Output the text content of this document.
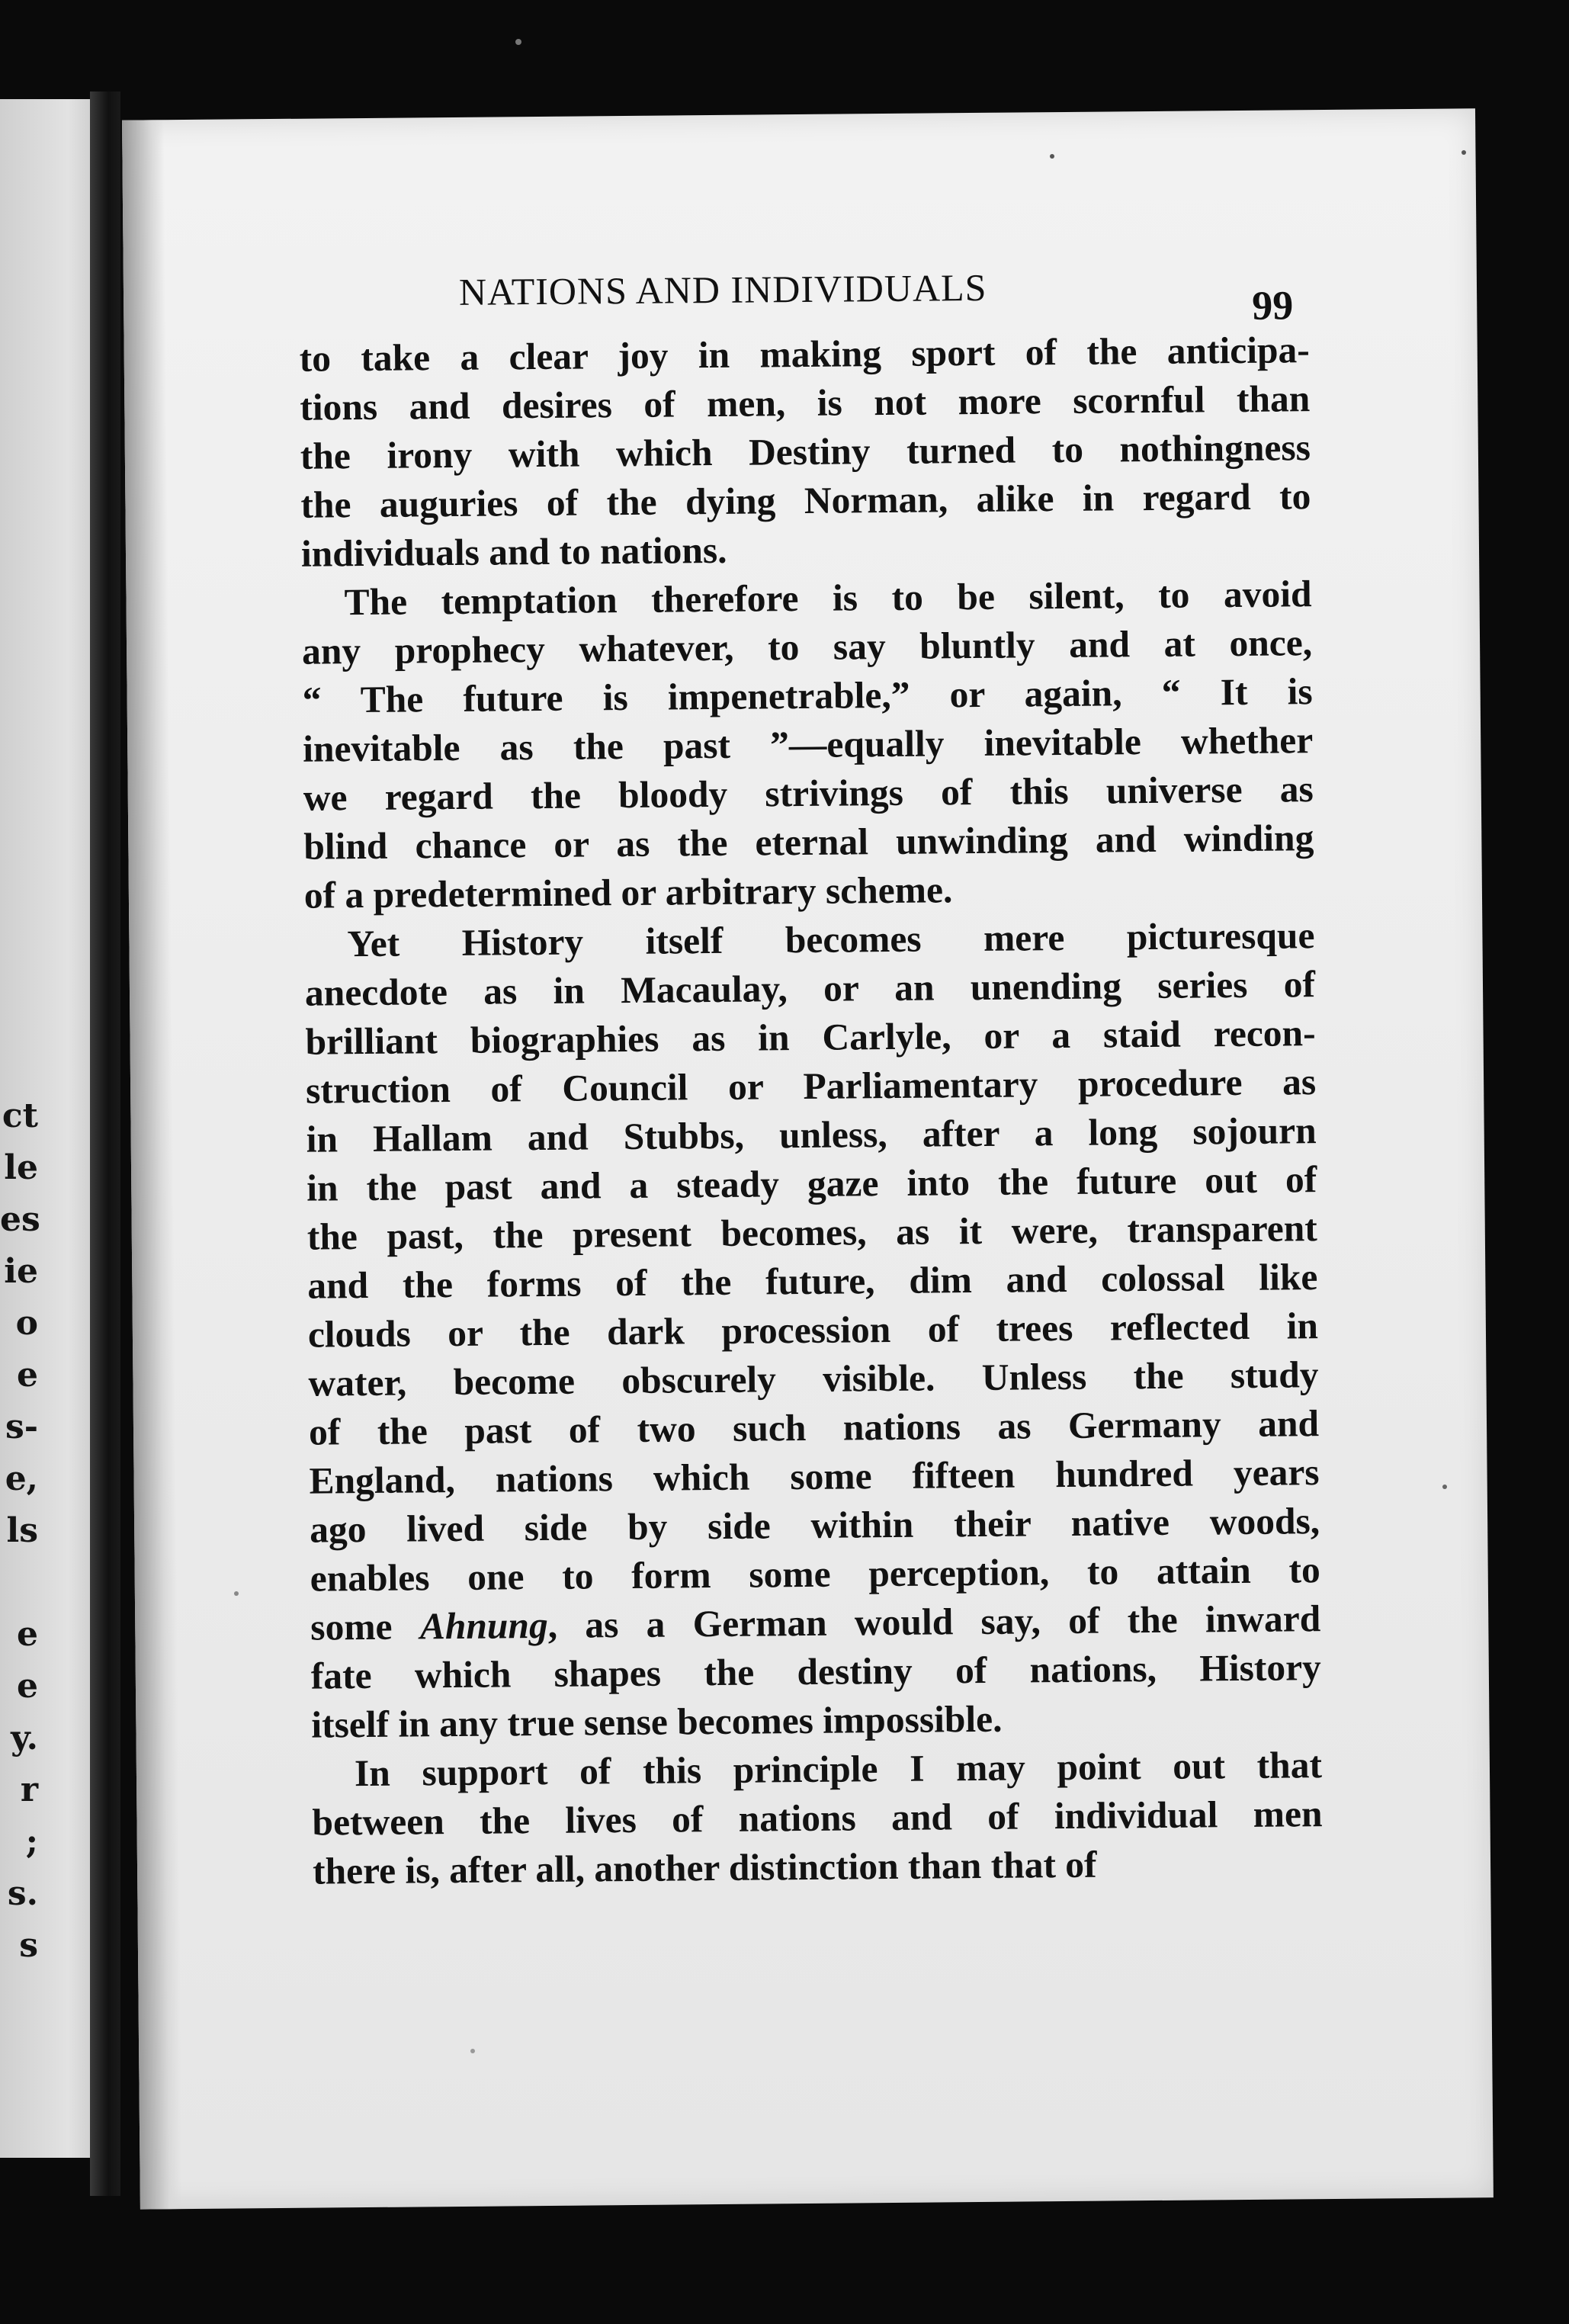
ct
le
es
ie
o
e
s-
e,
ls
e
e
y.
r
;
s.
s
NATIONS AND INDIVIDUALS	99

to take a clear joy in making sport of the anticipa-

tions and desires of men, is not more scornful than

the irony with which Destiny turned to nothingness

the auguries of the dying Norman, alike in regard to

individuals and to nations.

The temptation therefore is to be silent, to avoid

any prophecy whatever, to say bluntly and at once,

“ The future is impenetrable,” or again, “ It is

inevitable as the past ”—equally inevitable whether

we regard the bloody strivings of this universe as

blind chance or as the eternal unwinding and winding

of a predetermined or arbitrary scheme.

Yet History itself becomes mere picturesque

anecdote as in Macaulay, or an unending series of

brilliant biographies as in Carlyle, or a staid recon-

struction of Council or Parliamentary procedure as

in Hallam and Stubbs, unless, after a long sojourn

in the past and a steady gaze into the future out of

the past, the present becomes, as it were, transparent

and the forms of the future, dim and colossal like

clouds or the dark procession of trees reflected in

water, become obscurely visible. Unless the study

of the past of two such nations as Germany and

England, nations which some fifteen hundred years

ago lived side by side within their native woods,

enables one to form some perception, to attain to

some Ahnung, as a German would say, of the inward

fate which shapes the destiny of nations, History

itself in any true sense becomes impossible.

In support of this principle I may point out that

between the lives of nations and of individual men

there is, after all, another distinction than that of
